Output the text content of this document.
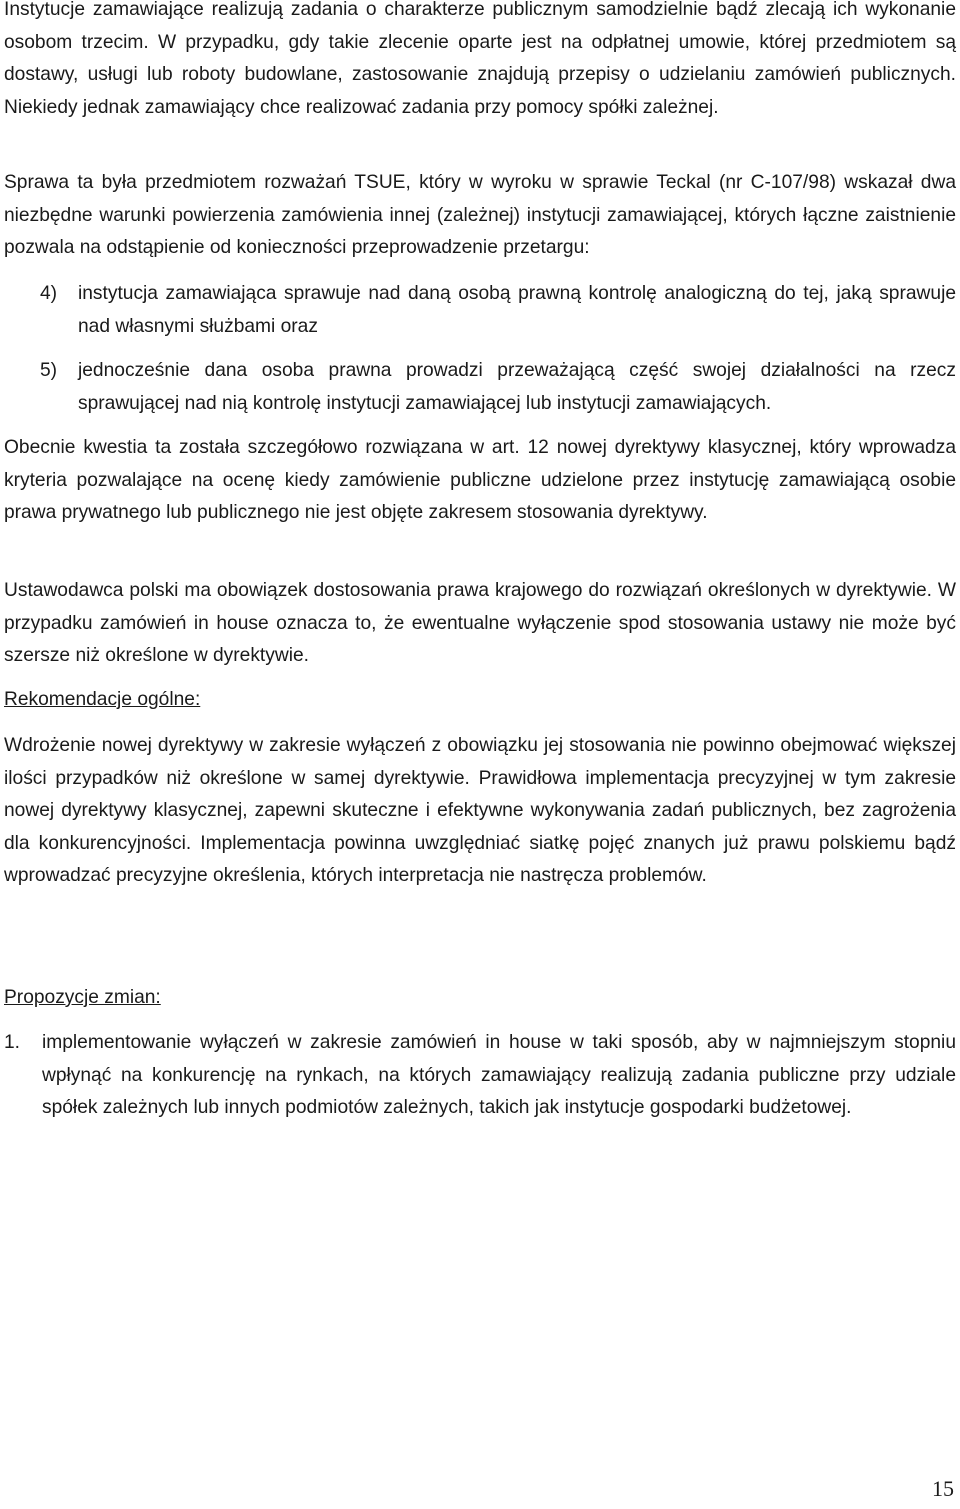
Instytucje zamawiające realizują zadania o charakterze publicznym samodzielnie bądź zlecają ich wykonanie osobom trzecim. W przypadku, gdy takie zlecenie oparte jest na odpłatnej umowie, której przedmiotem są dostawy, usługi lub roboty budowlane, zastosowanie znajdują przepisy o udzielaniu zamówień publicznych. Niekiedy jednak zamawiający chce realizować zadania przy pomocy spółki zależnej.

Sprawa ta była przedmiotem rozważań TSUE, który w wyroku w sprawie Teckal (nr C-107/98) wskazał dwa niezbędne warunki powierzenia zamówienia innej (zależnej) instytucji zamawiającej, których łączne zaistnienie pozwala na odstąpienie od konieczności przeprowadzenie przetargu:

4) instytucja zamawiająca sprawuje nad daną osobą prawną kontrolę analogiczną do tej, jaką sprawuje nad własnymi służbami oraz
5) jednocześnie dana osoba prawna prowadzi przeważającą część swojej działalności na rzecz sprawującej nad nią kontrolę instytucji zamawiającej lub instytucji zamawiających.

Obecnie kwestia ta została szczegółowo rozwiązana w art. 12 nowej dyrektywy klasycznej, który wprowadza kryteria pozwalające na ocenę kiedy zamówienie publiczne udzielone przez instytucję zamawiającą osobie prawa prywatnego lub publicznego nie jest objęte zakresem stosowania dyrektywy.

Ustawodawca polski ma obowiązek dostosowania prawa krajowego do rozwiązań określonych w dyrektywie. W przypadku zamówień in house oznacza to, że ewentualne wyłączenie spod stosowania ustawy nie może być szersze niż określone w dyrektywie.

Rekomendacje ogólne:

Wdrożenie nowej dyrektywy w zakresie wyłączeń z obowiązku jej stosowania nie powinno obejmować większej ilości przypadków niż określone w samej dyrektywie. Prawidłowa implementacja precyzyjnej w tym zakresie nowej dyrektywy klasycznej, zapewni skuteczne i efektywne wykonywania zadań publicznych, bez zagrożenia dla konkurencyjności. Implementacja powinna uwzględniać siatkę pojęć znanych już prawu polskiemu bądź wprowadzać precyzyjne określenia, których interpretacja nie nastręcza problemów.

Propozycje zmian:
1. implementowanie wyłączeń w zakresie zamówień in house w taki sposób, aby w najmniejszym stopniu wpłynąć na konkurencję na rynkach, na których zamawiający realizują zadania publiczne przy udziale spółek zależnych lub innych podmiotów zależnych, takich jak instytucje gospodarki budżetowej.
15
